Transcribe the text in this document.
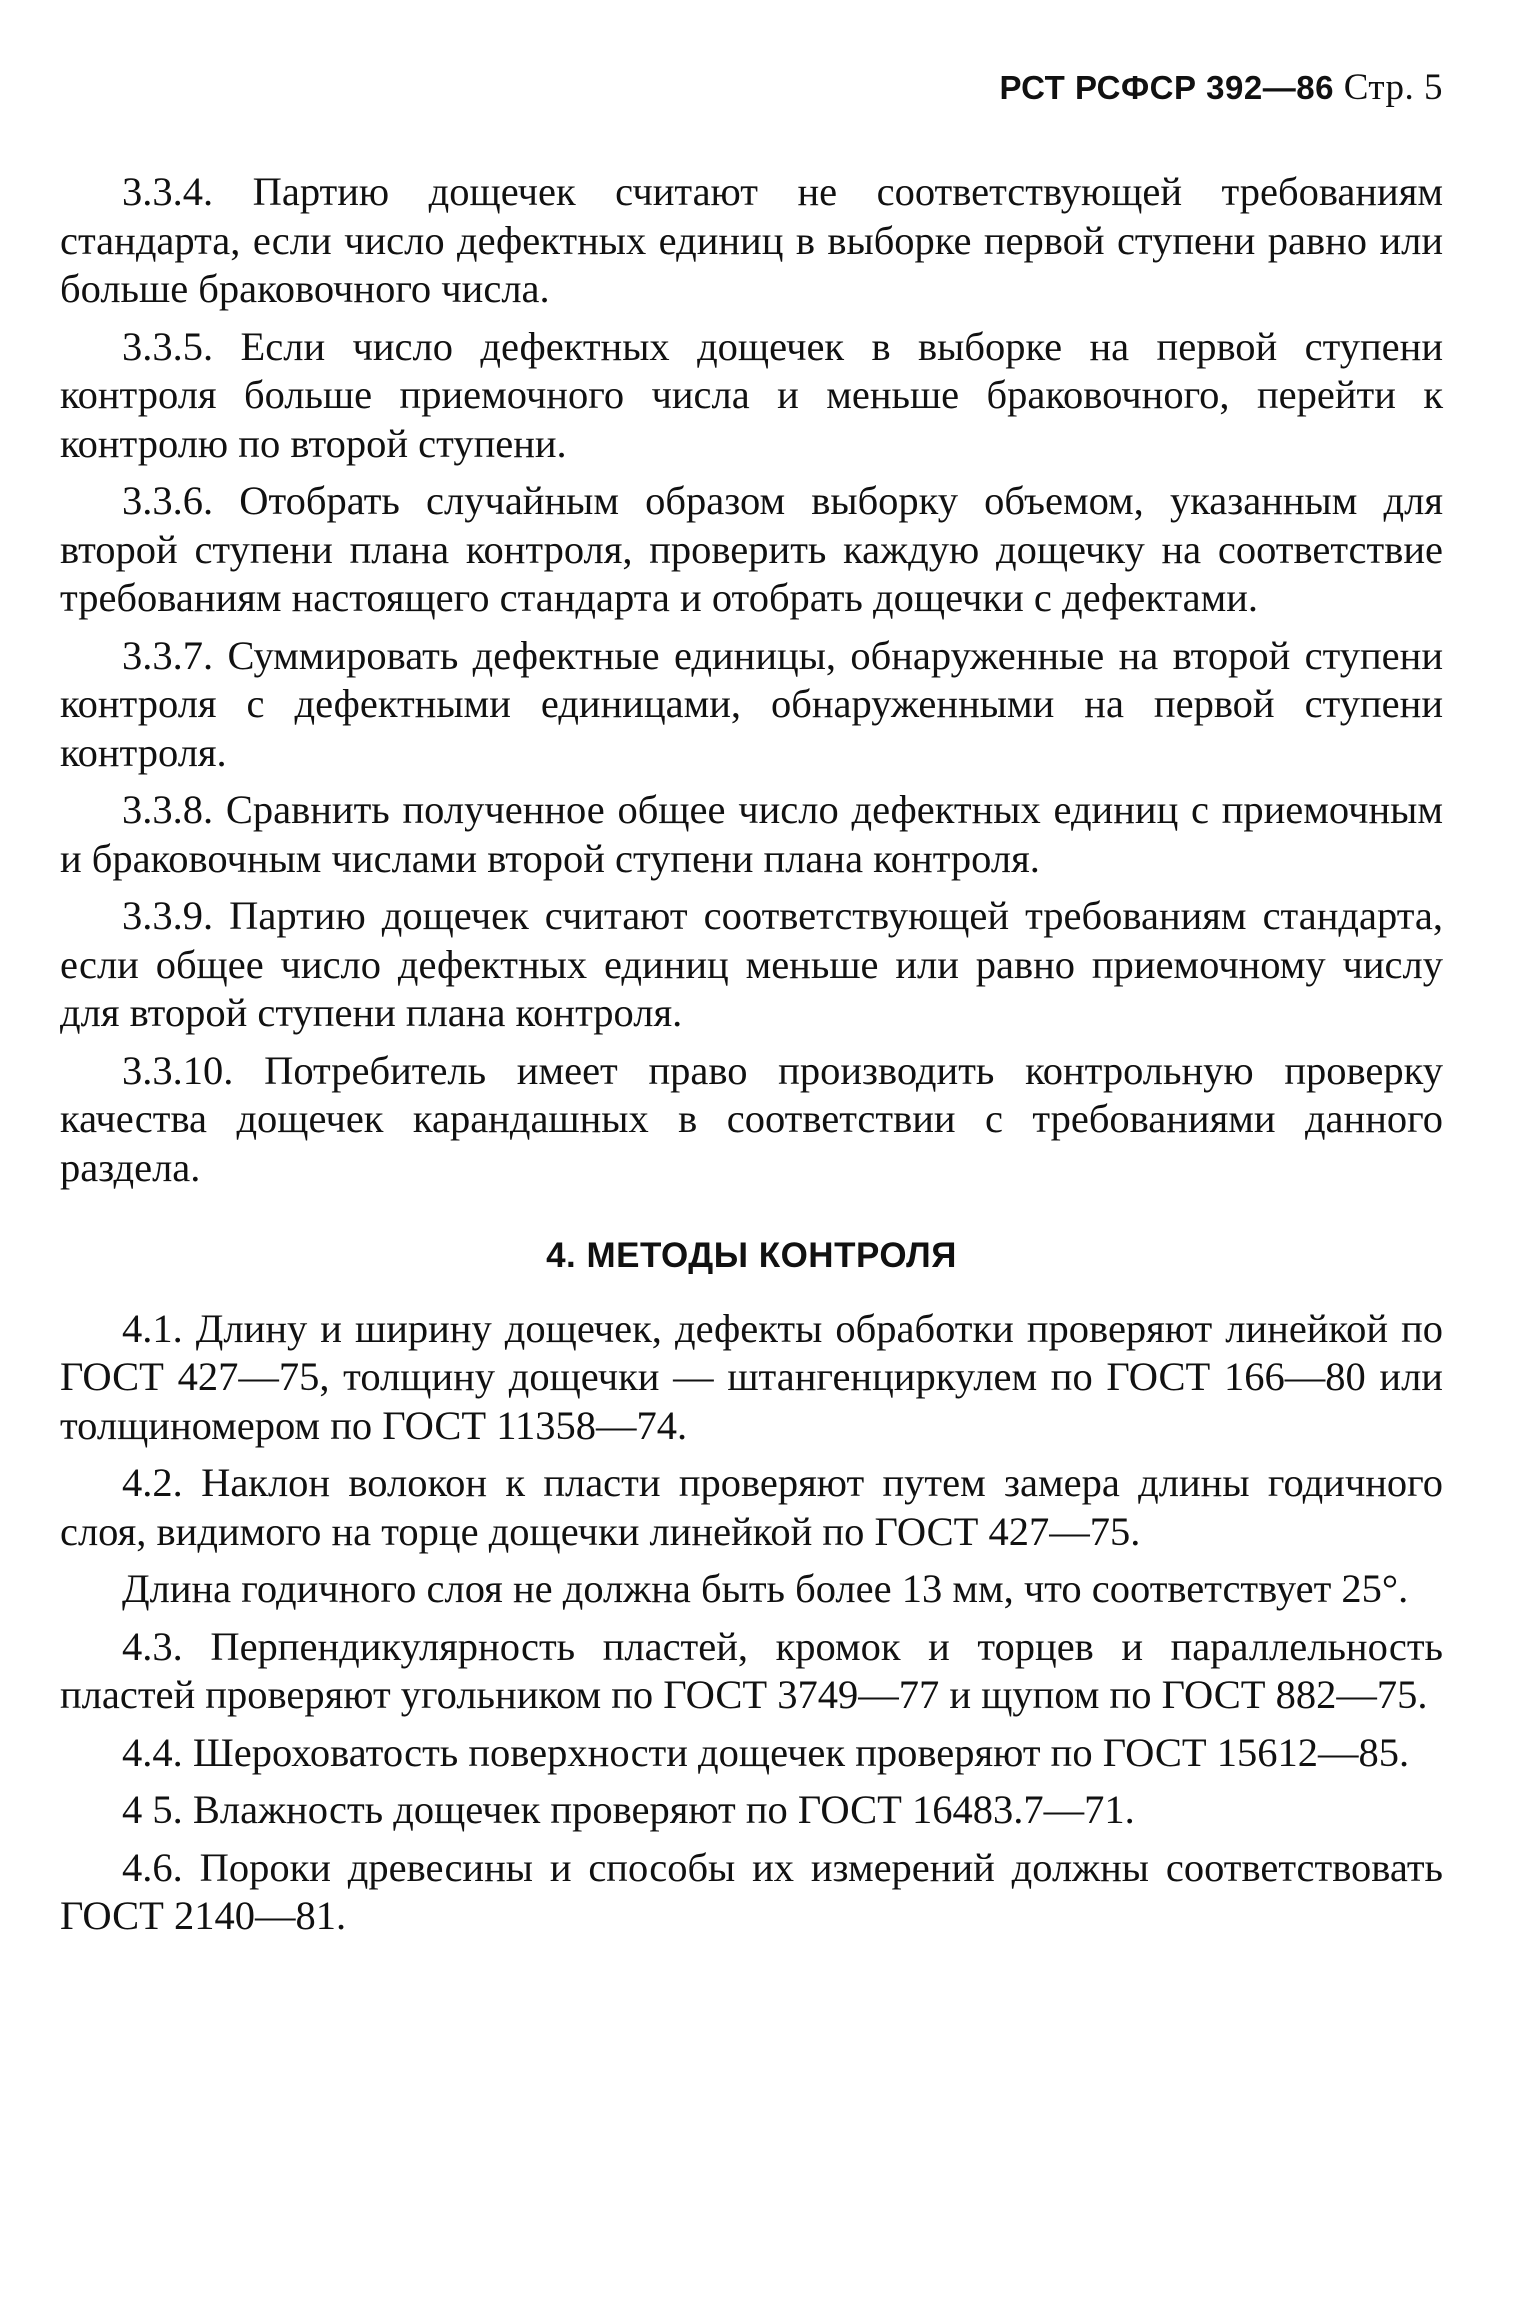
РСТ РСФСР 392—86 Стр. 5

3.3.4. Партию дощечек считают не соответствующей требованиям стандарта, если число дефектных единиц в выборке первой ступени равно или больше браковочного числа.

3.3.5. Если число дефектных дощечек в выборке на первой ступени контроля больше приемочного числа и меньше браковочного, перейти к контролю по второй ступени.

3.3.6. Отобрать случайным образом выборку объемом, указанным для второй ступени плана контроля, проверить каждую дощечку на соответствие требованиям настоящего стандарта и отобрать дощечки с дефектами.

3.3.7. Суммировать дефектные единицы, обнаруженные на второй ступени контроля с дефектными единицами, обнаруженными на первой ступени контроля.

3.3.8. Сравнить полученное общее число дефектных единиц с приемочным и браковочным числами второй ступени плана контроля.

3.3.9. Партию дощечек считают соответствующей требованиям стандарта, если общее число дефектных единиц меньше или равно приемочному числу для второй ступени плана контроля.

3.3.10. Потребитель имеет право производить контрольную проверку качества дощечек карандашных в соответствии с требованиями данного раздела.

4. МЕТОДЫ КОНТРОЛЯ

4.1. Длину и ширину дощечек, дефекты обработки проверяют линейкой по ГОСТ 427—75, толщину дощечки — штангенциркулем по ГОСТ 166—80 или толщиномером по ГОСТ 11358—74.

4.2. Наклон волокон к пласти проверяют путем замера длины годичного слоя, видимого на торце дощечки линейкой по ГОСТ 427—75.

Длина годичного слоя не должна быть более 13 мм, что соответствует 25°.

4.3. Перпендикулярность пластей, кромок и торцев и параллельность пластей проверяют угольником по ГОСТ 3749—77 и щупом по ГОСТ 882—75.

4.4. Шероховатость поверхности дощечек проверяют по ГОСТ 15612—85.

4 5. Влажность дощечек проверяют по ГОСТ 16483.7—71.

4.6. Пороки древесины и способы их измерений должны соответствовать ГОСТ 2140—81.
